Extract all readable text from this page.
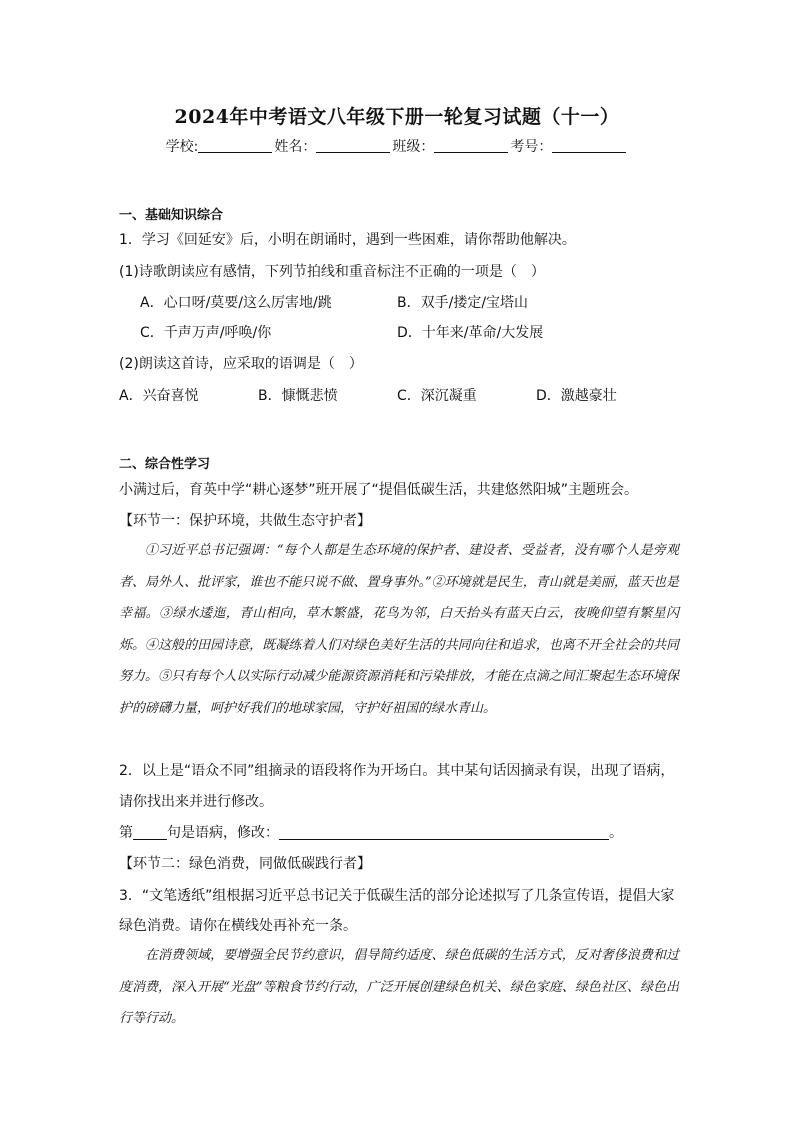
2024年中考语文八年级下册一轮复习试题（十一）
学校:	姓名：	班级：	考号：
一、基础知识综合
1．学习《回延安》后，小明在朗诵时，遇到一些困难，请你帮助他解决。
(1)诗歌朗读应有感情，下列节拍线和重音标注不正确的一项是（　）
A．心口呀/莫要/这么厉害地/跳	B．双手/搂定/宝塔山
C．千声万声/呼唤/你	D．十年来/革命/大发展
(2)朗读这首诗，应采取的语调是（　）
A．兴奋喜悦	B．慷慨悲愤	C．深沉凝重	D．激越豪壮
二、综合性学习
小满过后，育英中学“耕心逐梦”班开展了“提倡低碳生活，共建悠然阳城”主题班会。
【环节一：保护环境，共做生态守护者】
①习近平总书记强调：“每个人都是生态环境的保护者、建设者、受益者，没有哪个人是旁观者、局外人、批评家，谁也不能只说不做、置身事外。”②环境就是民生，青山就是美丽，蓝天也是幸福。③绿水逶迤，青山相向，草木繁盛，花鸟为邻，白天抬头有蓝天白云，夜晚仰望有繁星闪烁。④这般的田园诗意，既凝练着人们对绿色美好生活的共同向往和追求，也离不开全社会的共同努力。⑤只有每个人以实际行动减少能源资源消耗和污染排放，才能在点滴之间汇聚起生态环境保护的磅礴力量，呵护好我们的地球家园，守护好祖国的绿水青山。
2．以上是“语众不同”组摘录的语段将作为开场白。其中某句话因摘录有误，出现了语病，
请你找出来并进行修改。
第 句是语病，修改：	。
【环节二：绿色消费，同做低碳践行者】
3．“文笔透纸”组根据习近平总书记关于低碳生活的部分论述拟写了几条宣传语，提倡大家
绿色消费。请你在横线处再补充一条。
在消费领域，要增强全民节约意识，倡导简约适度、绿色低碳的生活方式，反对奢侈浪费和过度消费，深入开展“光盘”等粮食节约行动，广泛开展创建绿色机关、绿色家庭、绿色社区、绿色出行等行动。
